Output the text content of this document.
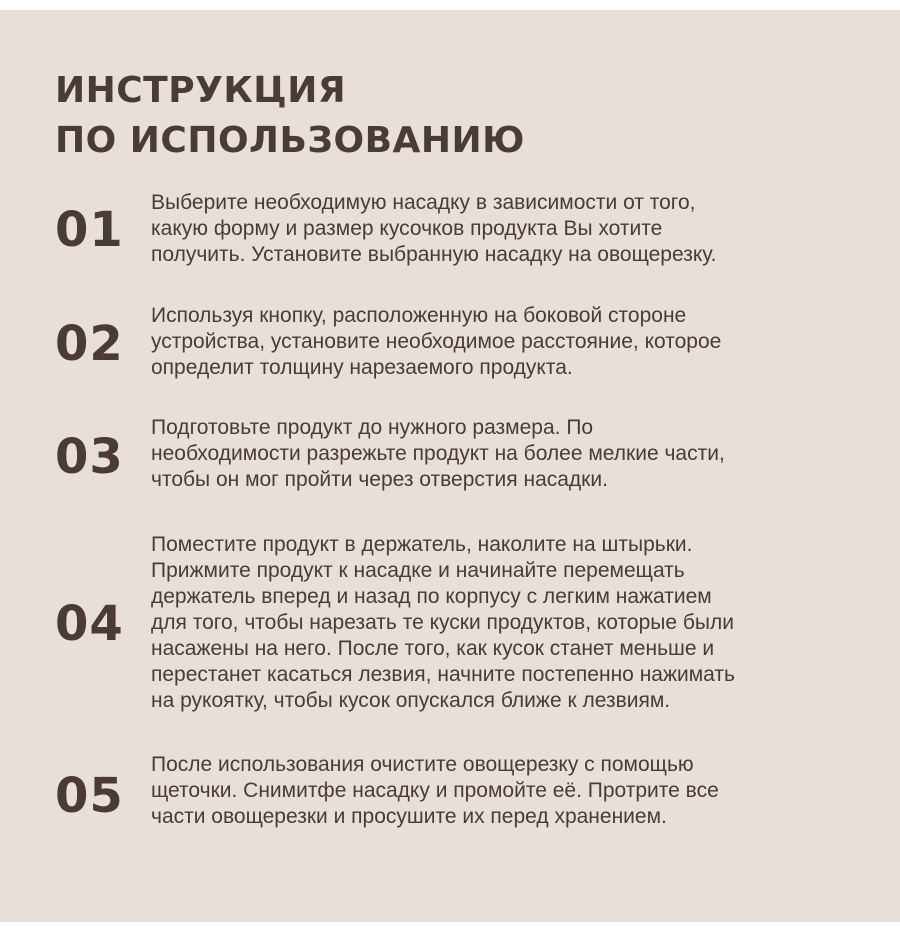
ИНСТРУКЦИЯ
ПО ИСПОЛЬЗОВАНИЮ
01 Выберите необходимую насадку в зависимости от того,
какую форму и размер кусочков продукта Вы хотите
получить. Установите выбранную насадку на овощерезку.
02
Используя кнопку, расположенную на боковой стороне
устройства, установите необходимое расстояние, которое
определит толщину нарезаемого продукта.
03
Подготовьте продукт до нужного размера. По
необходимости разрежьте продукт на более мелкие части,
чтобы он мог пройти через отверстия насадки.
04
Поместите продукт в держатель, наколите на штырьки.
Прижмите продукт к насадке и начинайте перемещать
держатель вперед и назад по корпусу с легким нажатием
для того, чтобы нарезать те куски продуктов, которые были
насажены на него. После того, как кусок станет меньше и
перестанет касаться лезвия, начните постепенно нажимать
на рукоятку, чтобы кусок опускался ближе к лезвиям.
05
После использования очистите овощерезку с помощью
щеточки. Снимитфе насадку и промойте её. Протрите все
части овощерезки и просушите их перед хранением.
